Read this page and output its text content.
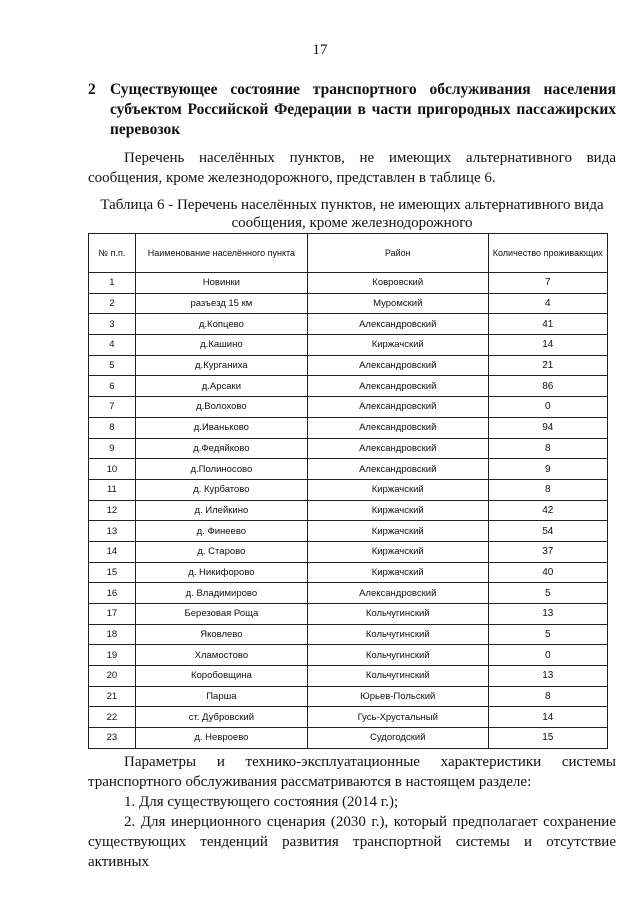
17
2 Существующее состояние транспортного обслуживания населения субъектом Российской Федерации в части пригородных пассажирских перевозок
Перечень населённых пунктов, не имеющих альтернативного вида сообщения, кроме железнодорожного, представлен в таблице 6.
Таблица 6 - Перечень населённых пунктов, не имеющих альтернативного вида сообщения, кроме железнодорожного
№ п.п.	Наименование населённого пункта	Район	Количество проживающих
1	Новинки	Ковровский	7
2	разъезд 15 км	Муромский	4
3	д.Копцево	Александровский	41
4	д.Кашино	Киржачский	14
5	д.Курганиха	Александровский	21
6	д.Арсаки	Александровский	86
7	д.Волохово	Александровский	0
8	д.Иваньково	Александровский	94
9	д.Федяйково	Александровский	8
10	д.Полиносово	Александровский	9
11	д. Курбатово	Киржачский	8
12	д. Илейкино	Киржачский	42
13	д. Финеево	Киржачский	54
14	д. Старово	Киржачский	37
15	д. Никифорово	Киржачский	40
16	д. Владимирово	Александровский	5
17	Березовая Роща	Кольчугинский	13
18	Яковлево	Кольчугинский	5
19	Хламостово	Кольчугинский	0
20	Коробовщина	Кольчугинский	13
21	Парша	Юрьев-Польский	8
22	ст. Дубровский	Гусь-Хрустальный	14
23	д. Невроево	Судогодский	15
Параметры и технико-эксплуатационные характеристики системы транспортного обслуживания рассматриваются в настоящем разделе:
1. Для существующего состояния (2014 г.);
2. Для инерционного сценария (2030 г.), который предполагает сохранение существующих тенденций развития транспортной системы и отсутствие активных
